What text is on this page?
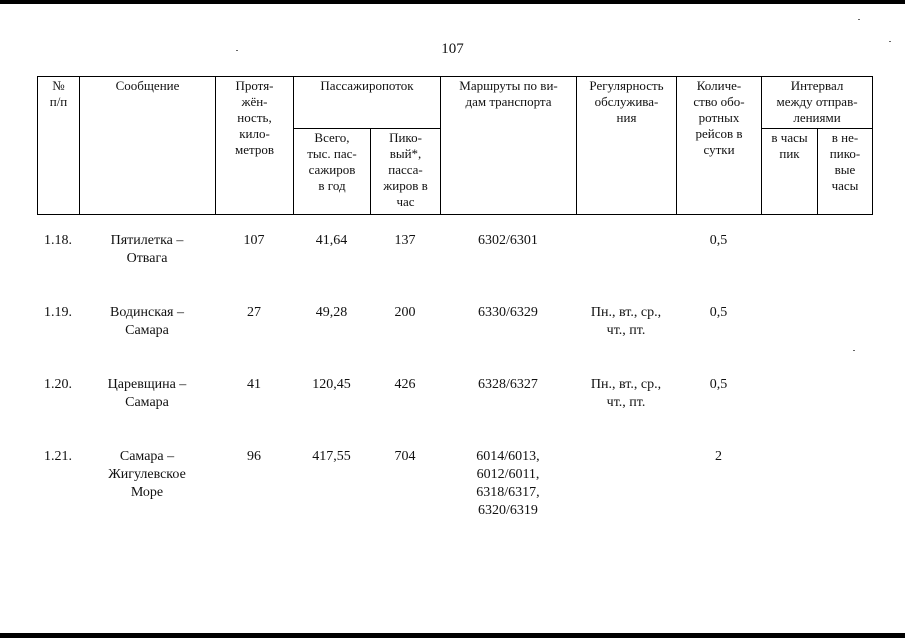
107
№
п/п	Сообщение	Протя-
жён-
ность,
кило-
метров	Пассажиропоток		Маршруты по ви-
дам транспорта	Регулярность
обслужива-
ния	Количе-
ство обо-
ротных
рейсов в
сутки	Интервал
между отправ-
лениями	

			Всего,
тыс. пас-
сажиров
в год	Пико-
вый*,
пасса-
жиров в
час				в часы
пик	в не-
пико-
вые
часы
1.18.	Пятилетка –
Отвага	107	41,64	137	6302/6301		0,5		
1.19.	Водинская –
Самара	27	49,28	200	6330/6329	Пн., вт., ср.,
чт., пт.	0,5		
1.20.	Царевщина –
Самара	41	120,45	426	6328/6327	Пн., вт., ср.,
чт., пт.	0,5		
1.21.	Самара –
Жигулевское
Море	96	417,55	704	6014/6013,
6012/6011,
6318/6317,
6320/6319		2		
